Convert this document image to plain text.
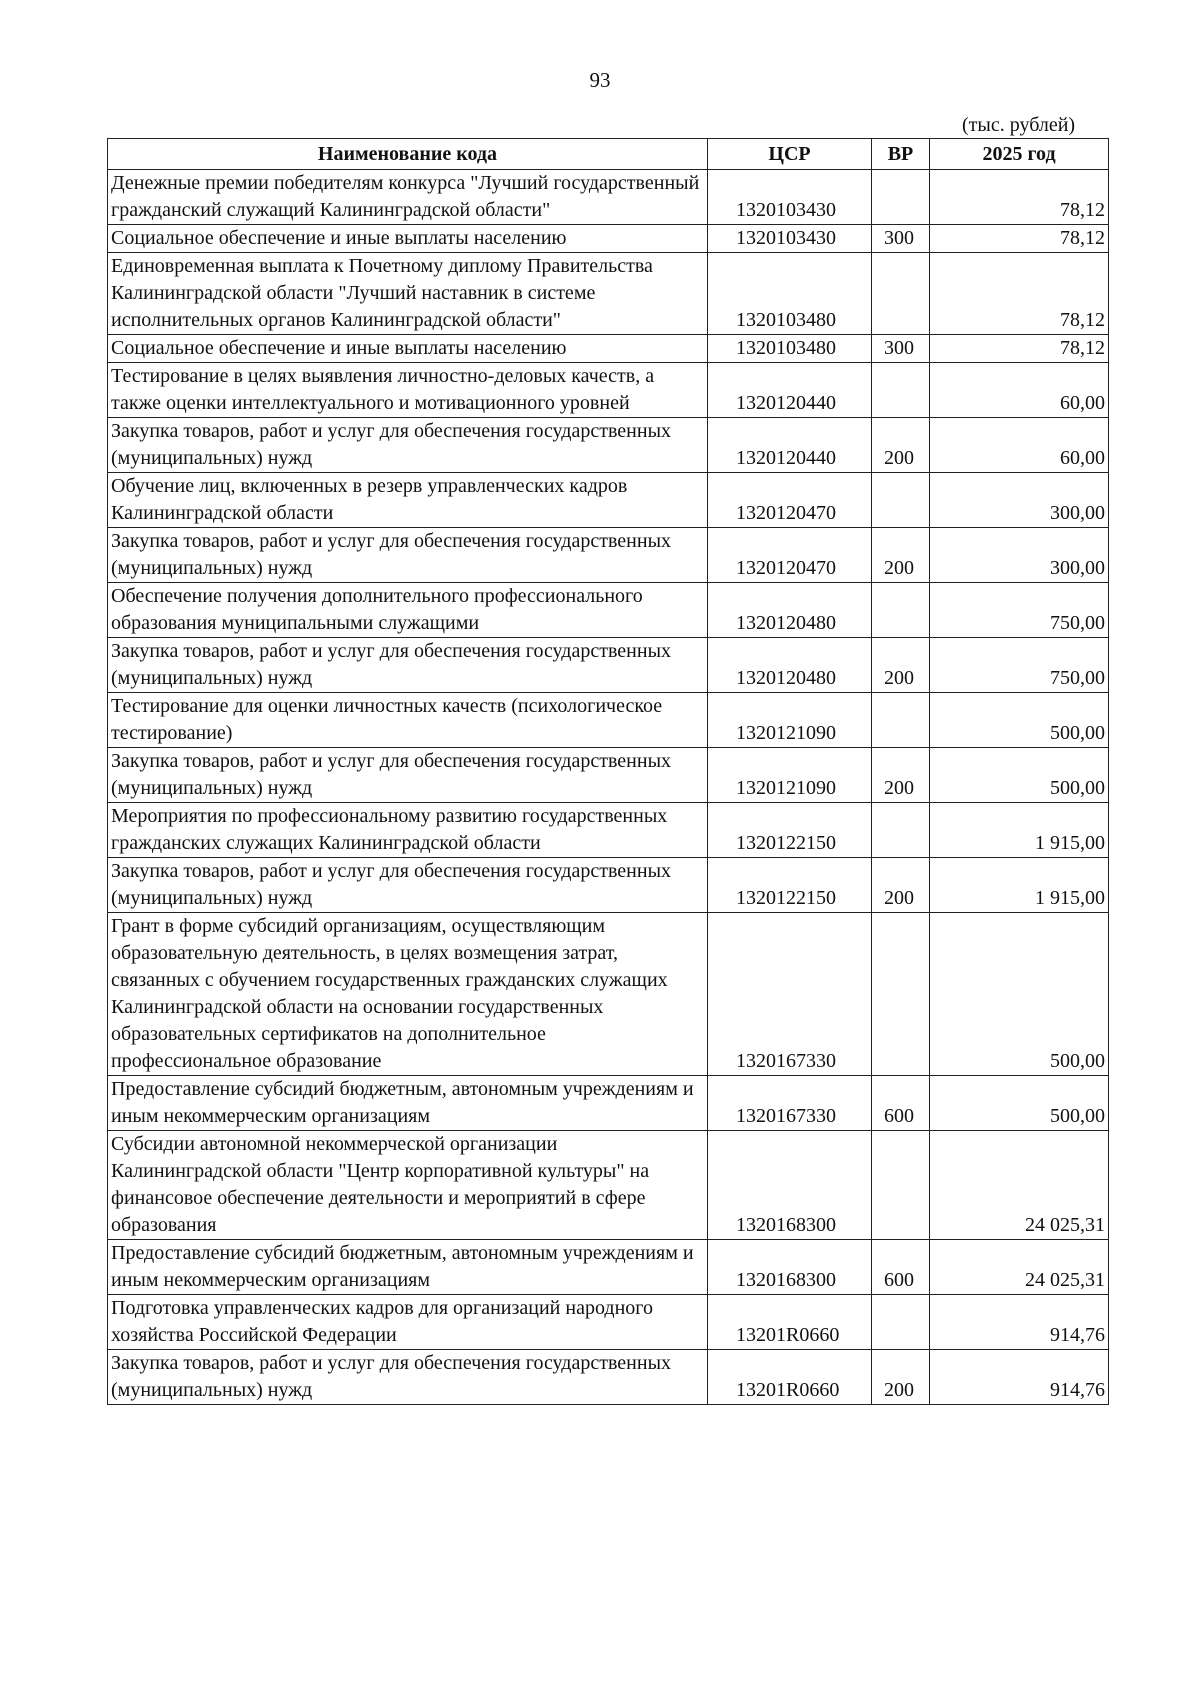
93
(тыс. рублей)
Наименование кода	ЦСР	ВР	2025 год
Денежные премии победителям конкурса "Лучший государственный гражданский служащий Калининградской области"	1320103430		78,12
Социальное обеспечение и иные выплаты населению	1320103430	300	78,12
Единовременная выплата к Почетному диплому Правительства Калининградской области "Лучший наставник в системе исполнительных органов Калининградской области"	1320103480		78,12
Социальное обеспечение и иные выплаты населению	1320103480	300	78,12
Тестирование в целях выявления личностно-деловых качеств, а также оценки интеллектуального и мотивационного уровней	1320120440		60,00
Закупка товаров, работ и услуг для обеспечения государственных (муниципальных) нужд	1320120440	200	60,00
Обучение лиц, включенных в резерв управленческих кадров Калининградской области	1320120470		300,00
Закупка товаров, работ и услуг для обеспечения государственных (муниципальных) нужд	1320120470	200	300,00
Обеспечение получения дополнительного профессионального образования муниципальными служащими	1320120480		750,00
Закупка товаров, работ и услуг для обеспечения государственных (муниципальных) нужд	1320120480	200	750,00
Тестирование для оценки личностных качеств (психологическое тестирование)	1320121090		500,00
Закупка товаров, работ и услуг для обеспечения государственных (муниципальных) нужд	1320121090	200	500,00
Мероприятия по профессиональному развитию государственных гражданских служащих Калининградской области	1320122150		1 915,00
Закупка товаров, работ и услуг для обеспечения государственных (муниципальных) нужд	1320122150	200	1 915,00
Грант в форме субсидий организациям, осуществляющим образовательную деятельность, в целях возмещения затрат, связанных с обучением государственных гражданских служащих Калининградской области на основании государственных образовательных сертификатов на дополнительное профессиональное образование	1320167330		500,00
Предоставление субсидий бюджетным, автономным учреждениям и иным некоммерческим организациям	1320167330	600	500,00
Субсидии автономной некоммерческой организации Калининградской области "Центр корпоративной культуры" на финансовое обеспечение деятельности и мероприятий в сфере образования	1320168300		24 025,31
Предоставление субсидий бюджетным, автономным учреждениям и иным некоммерческим организациям	1320168300	600	24 025,31
Подготовка управленческих кадров для организаций народного хозяйства Российской Федерации	13201R0660		914,76
Закупка товаров, работ и услуг для обеспечения государственных (муниципальных) нужд	13201R0660	200	914,76
